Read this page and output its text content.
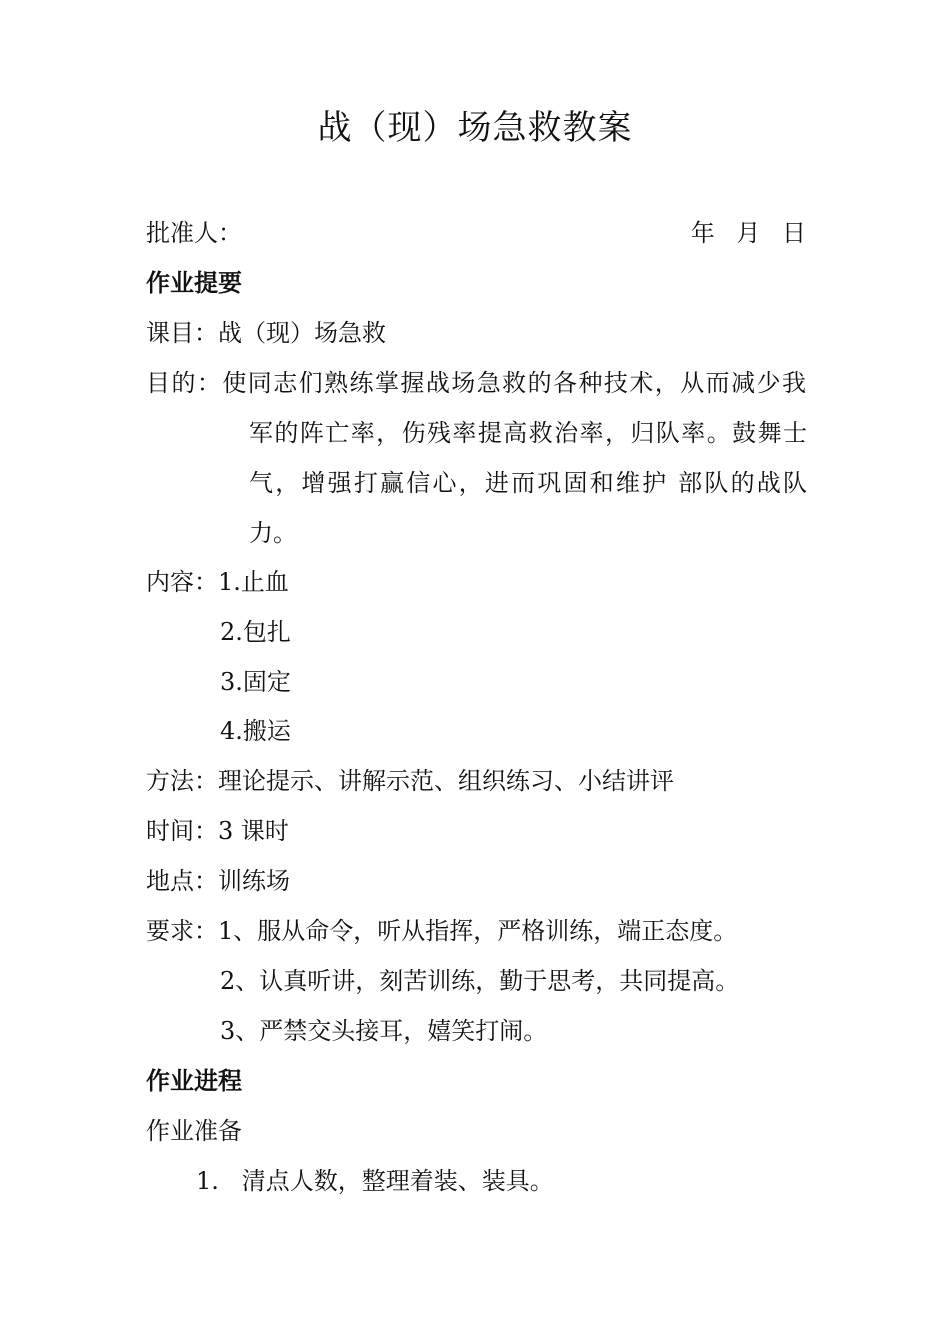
战（现）场急救教案
批准人：	年 月 日
作业提要
课目：战（现）场急救
目的：使同志们熟练掌握战场急救的各种技术，从而减少我
军的阵亡率，伤残率提高救治率，归队率。鼓舞士
气，增强打赢信心，进而巩固和维护 部队的战队
力。
内容：1.止血
2.包扎
3.固定
4.搬运
方法：理论提示、讲解示范、组织练习、小结讲评
时间：3 课时
地点：训练场
要求：1、服从命令，听从指挥，严格训练，端正态度。
2、认真听讲，刻苦训练，勤于思考，共同提高。
3、严禁交头接耳，嬉笑打闹。
作业进程
作业准备
1.   清点人数，整理着装、装具。
